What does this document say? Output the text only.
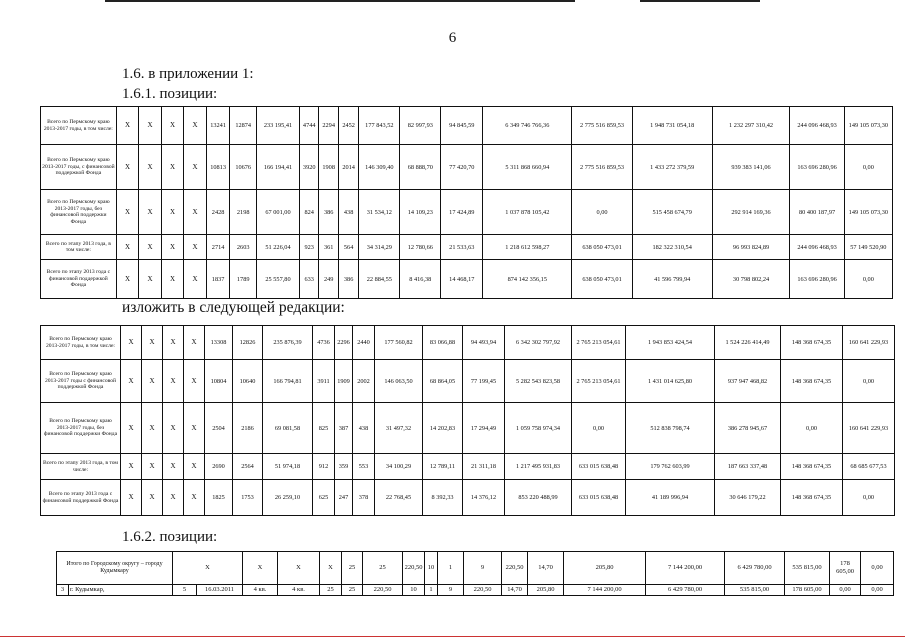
6
1.6. в приложении 1:
1.6.1. позиции:
Всего по Пермскому краю 2013-2017 годы, в том числе:	X	X	X	X	13241	12874	233 195,41	4744	2294	2452	177 843,52	82 997,93	94 845,59	6 349 746 766,36	2 775 516 859,53	1 948 731 054,18	1 232 297 310,42	244 096 468,93	149 105 073,30
Всего по Пермскому краю 2013-2017 годы, с финансовой поддержкой Фонда	X	X	X	X	10813	10676	166 194,41	3920	1908	2014	146 309,40	68 888,70	77 420,70	5 311 868 660,94	2 775 516 859,53	1 433 272 379,59	939 383 141,06	163 696 280,96	0,00
Всего по Пермскому краю 2013-2017 годы, без финансовой поддержки Фонда	X	X	X	X	2428	2198	67 001,00	824	386	438	31 534,12	14 109,23	17 424,89	1 037 878 105,42	0,00	515 458 674,79	292 914 169,36	80 400 187,97	149 105 073,30
Всего по этапу 2013 года, в том числе:	X	X	X	X	2714	2603	51 226,04	923	361	564	34 314,29	12 780,66	21 533,63	1 218 612 598,27	638 050 473,01	182 322 310,54	96 993 824,89	244 096 468,93	57 149 520,90
Всего по этапу 2013 года с финансовой поддержкой Фонда	X	X	X	X	1837	1789	25 557,80	633	249	386	22 884,55	8 416,38	14 468,17	874 142 356,15	638 050 473,01	41 596 799,94	30 798 802,24	163 696 280,96	0,00
изложить в следующей редакции:
Всего по Пермскому краю 2013-2017 годы, в том числе:	X	X	X	X	13308	12826	235 876,39	4736	2296	2440	177 560,82	83 066,88	94 493,94	6 342 302 797,92	2 765 213 054,61	1 943 853 424,54	1 524 226 414,49	148 368 674,35	160 641 229,93
Всего по Пермскому краю 2013-2017 годы с финансовой поддержкой Фонда	X	X	X	X	10804	10640	166 794,81	3911	1909	2002	146 063,50	68 864,05	77 199,45	5 282 543 823,58	2 765 213 054,61	1 431 014 625,80	937 947 468,82	148 368 674,35	0,00
Всего по Пермскому краю 2013-2017 годы, без финансовой поддержки Фонда	X	X	X	X	2504	2186	69 081,58	825	387	438	31 497,32	14 202,83	17 294,49	1 059 758 974,34	0,00	512 838 798,74	386 278 945,67	0,00	160 641 229,93
Всего по этапу 2013 года, в том числе:	X	X	X	X	2690	2564	51 974,18	912	359	553	34 100,29	12 789,11	21 311,18	1 217 495 931,83	633 015 638,48	179 762 603,99	187 663 337,48	148 368 674,35	68 685 677,53
Всего по этапу 2013 года с финансовой поддержкой Фонда	X	X	X	X	1825	1753	26 259,10	625	247	378	22 768,45	8 392,33	14 376,12	853 220 488,99	633 015 638,48	41 189 996,94	30 646 179,22	148 368 674,35	0,00
1.6.2. позиции:
Итого по Городскому округу – городу Кудымкару		X		X	X	X	25	25	220,50	10	1	9	220,50	14,70	205,80	7 144 200,00	6 429 780,00	535 815,00	178 605,00	0,00	
3	г. Кудымкар,	5	16.03.2011	4 кв.	4 кв.	25	25	220,50	10	1	9	220,50	14,70	205,80	7 144 200,00	6 429 780,00	535 815,00	178 605,00	0,00	0,00	
